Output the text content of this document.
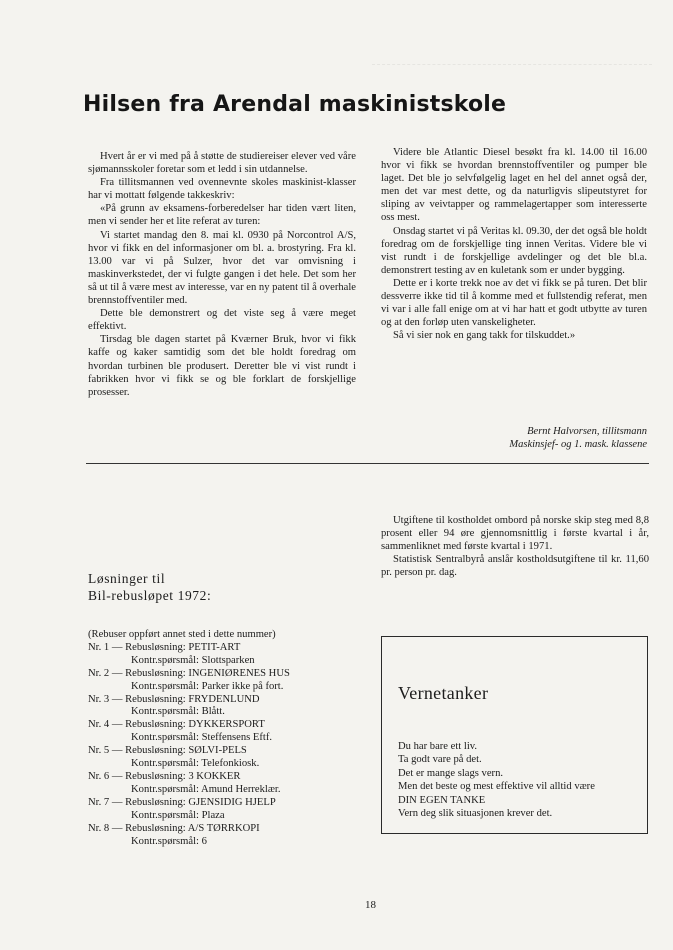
Hilsen fra Arendal maskinistskole

Hvert år er vi med på å støtte de studiereiser elever ved våre sjømannsskoler foretar som et ledd i sin utdannelse.

Fra tillitsmannen ved ovennevnte skoles maskinist-klasser har vi mottatt følgende takkeskriv:

«På grunn av eksamens-forberedelser har tiden vært liten, men vi sender her et lite referat av turen:

Vi startet mandag den 8. mai kl. 0930 på Norcontrol A/S, hvor vi fikk en del informasjoner om bl. a. brostyring. Fra kl. 13.00 var vi på Sulzer, hvor det var omvisning i maskinverkstedet, der vi fulgte gangen i det hele. Det som her så ut til å være mest av interesse, var en ny patent til å overhale brennstoffventiler med.

Dette ble demonstrert og det viste seg å være meget effektivt.

Tirsdag ble dagen startet på Kværner Bruk, hvor vi fikk kaffe og kaker samtidig som det ble holdt foredrag om hvordan turbinen ble produsert. Deretter ble vi vist rundt i fabrikken hvor vi fikk se og ble forklart de forskjellige prosesser.

Videre ble Atlantic Diesel besøkt fra kl. 14.00 til 16.00 hvor vi fikk se hvordan brennstoffventiler og pumper ble laget. Det ble jo selvfølgelig laget en hel del annet også der, men det var mest dette, og da naturligvis slipeutstyret for sliping av veivtapper og rammelagertapper som interesserte oss mest.

Onsdag startet vi på Veritas kl. 09.30, der det også ble holdt foredrag om de forskjellige ting innen Veritas. Videre ble vi vist rundt i de forskjellige avdelinger og det ble bl.a. demonstrert testing av en kuletank som er under bygging.

Dette er i korte trekk noe av det vi fikk se på turen. Det blir dessverre ikke tid til å komme med et fullstendig referat, men vi var i alle fall enige om at vi har hatt et godt utbytte av turen og at den forløp uten vanskeligheter.

Så vi sier nok en gang takk for tilskuddet.»

Bernt Halvorsen, tillitsmann
Maskinsjef- og 1. mask. klassene

Utgiftene til kostholdet ombord på norske skip steg med 8,8 prosent eller 94 øre gjennomsnittlig i første kvartal i år, sammenliknet med første kvartal i 1971.

Statistisk Sentralbyrå anslår kostholdsutgiftene til kr. 11,60 pr. person pr. dag.

Løsninger til
Bil-rebusløpet 1972:
(Rebuser oppført annet sted i dette nummer)
Nr. 1 — Rebusløsning: PETIT-ART
Kontr.spørsmål: Slottsparken
Nr. 2 — Rebusløsning: INGENIØRENES HUS
Kontr.spørsmål: Parker ikke på fort.
Nr. 3 — Rebusløsning: FRYDENLUND
Kontr.spørsmål: Blått.
Nr. 4 — Rebusløsning: DYKKERSPORT
Kontr.spørsmål: Steffensens Eftf.
Nr. 5 — Rebusløsning: SØLVI-PELS
Kontr.spørsmål: Telefonkiosk.
Nr. 6 — Rebusløsning: 3 KOKKER
Kontr.spørsmål: Amund Herreklær.
Nr. 7 — Rebusløsning: GJENSIDIG HJELP
Kontr.spørsmål: Plaza
Nr. 8 — Rebusløsning: A/S TØRRKOPI
Kontr.spørsmål: 6
Vernetanker
Du har bare ett liv.
Ta godt vare på det.
Det er mange slags vern.
Men det beste og mest effektive vil alltid være
DIN EGEN TANKE
Vern deg slik situasjonen krever det.
18
